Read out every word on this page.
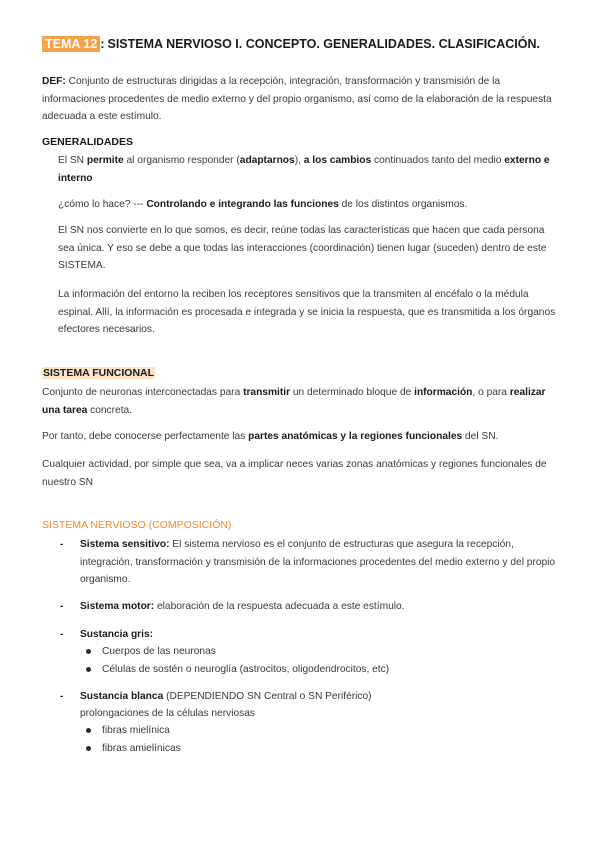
TEMA 12 : SISTEMA NERVIOSO I. CONCEPTO. GENERALIDADES. CLASIFICACIÓN.

DEF: Conjunto de estructuras dirigidas a la recepción, integración, transformación y transmisión de la informaciones procedentes de medio externo y del propio organismo, así como de la elaboración de la respuesta adecuada a este estímulo.

GENERALIDADES

El SN permite al organismo responder (adaptarnos), a los cambios continuados tanto del medio externo e interno

¿cómo lo hace? --- Controlando e integrando las funciones de los distintos organismos.

El SN nos convierte en lo que somos, es decir, reúne todas las características que hacen que cada persona sea única. Y eso se debe a que todas las interacciones (coordinación) tienen lugar (suceden) dentro de este SISTEMA.

La información del entorno la reciben los receptores sensitivos que la transmiten al encéfalo o la médula espinal. Allí, la información es procesada e integrada y se inicia la respuesta, que es transmitida a los órganos efectores necesarios.

SISTEMA FUNCIONAL

Conjunto de neuronas interconectadas para transmitir un determinado bloque de información, o para realizar una tarea concreta.

Por tanto, debe conocerse perfectamente las partes anatómicas y la regiones funcionales del SN.

Cualquier actividad, por simple que sea, va a implicar neces varias zonas anatómicas y regiones funcionales de nuestro SN

SISTEMA NERVIOSO (COMPOSICIÓN)
- Sistema sensitivo: El sistema nervioso es el conjunto de estructuras que asegura la recepción, integración, transformación y transmisión de la informaciones procedentes del medio externo y del propio organismo.
- Sistema motor: elaboración de la respuesta adecuada a este estímulo.
- Sustancia gris:
Cuerpos de las neuronas
Células de sostén o neuroglía (astrocitos, oligodendrocitos, etc)
- Sustancia blanca (DEPENDIENDO SN Central o SN Periférico)

prolongaciones de la células nerviosas

fibras mielínica
fibras amielínicas
